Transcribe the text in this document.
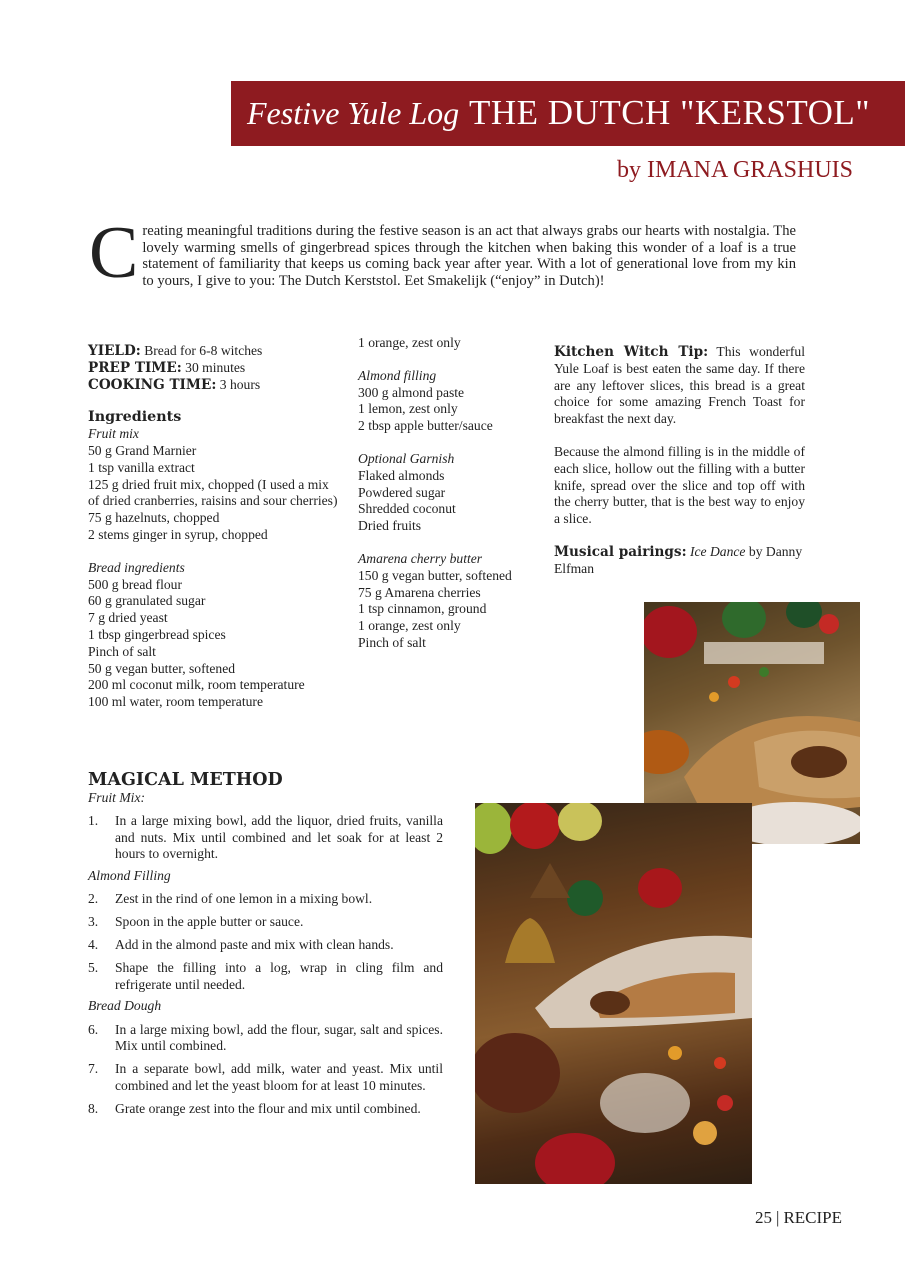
Festive Yule Log THE DUTCH "KERSTOL"
by IMANA GRASHUIS
C reating meaningful traditions during the festive season is an act that always grabs our hearts with nostalgia. The lovely warming smells of gingerbread spices through the kitchen when baking this wonder of a loaf is a true statement of familiarity that keeps us coming back year after year. With a lot of generational love from my kin to yours, I give to you: The Dutch Kerststol. Eet Smakelijk (“enjoy” in Dutch)!
YIELD: Bread for 6-8 witches
PREP TIME: 30 minutes
COOKING TIME: 3 hours
Ingredients
Fruit mix
50 g Grand Marnier
1 tsp vanilla extract
125 g dried fruit mix, chopped (I used a mix of dried cranberries, raisins and sour cherries)
75 g hazelnuts, chopped
2 stems ginger in syrup, chopped
Bread ingredients
500 g bread flour
60 g granulated sugar
7 g dried yeast
1 tbsp gingerbread spices
Pinch of salt
50 g vegan butter, softened
200 ml coconut milk, room temperature
100 ml water, room temperature
1 orange, zest only
Almond filling
300 g almond paste
1 lemon, zest only
2 tbsp apple butter/sauce
Optional Garnish
Flaked almonds
Powdered sugar
Shredded coconut
Dried fruits
Amarena cherry butter
150 g vegan butter, softened
75 g Amarena cherries
1 tsp cinnamon, ground
1 orange, zest only
Pinch of salt
Kitchen Witch Tip: This wonderful Yule Loaf is best eaten the same day. If there are any leftover slices, this bread is a great choice for some amazing French Toast for breakfast the next day.
Because the almond filling is in the middle of each slice, hollow out the filling with a butter knife, spread over the slice and top off with the cherry butter, that is the best way to enjoy a slice.
Musical pairings: Ice Dance by Danny Elfman
MAGICAL METHOD
Fruit Mix:
1. In a large mixing bowl, add the liquor, dried fruits, vanilla and nuts. Mix until combined and let soak for at least 2 hours to overnight.
Almond Filling
2. Zest in the rind of one lemon in a mixing bowl.
3. Spoon in the apple butter or sauce.
4. Add in the almond paste and mix with clean hands.
5. Shape the filling into a log, wrap in cling film and refrigerate until needed.
Bread Dough
6. In a large mixing bowl, add the flour, sugar, salt and spices. Mix until combined.
7. In a separate bowl, add milk, water and yeast. Mix until combined and let the yeast bloom for at least 10 minutes.
8. Grate orange zest into the flour and mix until combined.
25 | RECIPE
